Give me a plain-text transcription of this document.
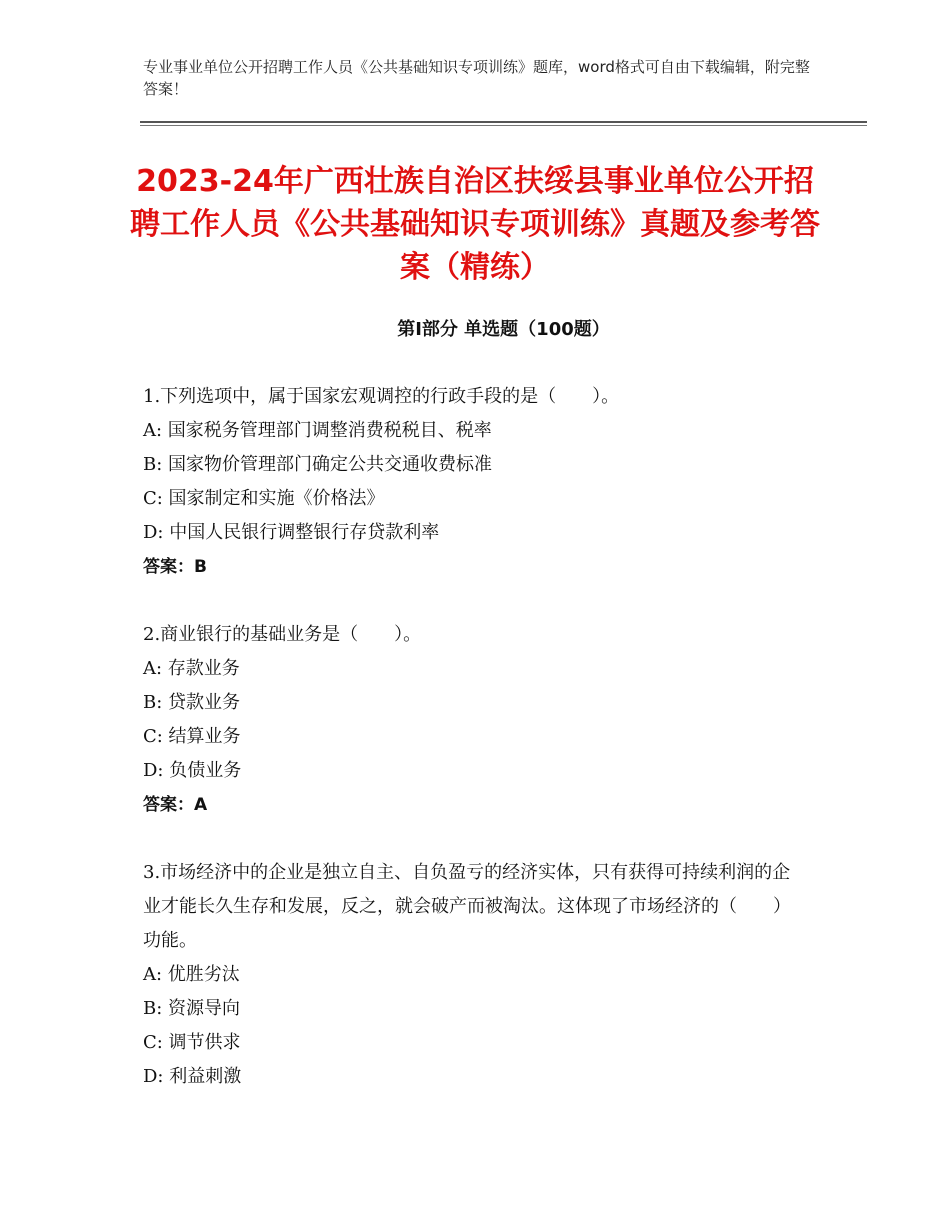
专业事业单位公开招聘工作人员《公共基础知识专项训练》题库，word格式可自由下载编辑，附完整答案！
2023-24年广西壮族自治区扶绥县事业单位公开招聘工作人员《公共基础知识专项训练》真题及参考答案（精练）
第Ⅰ部分 单选题（100题）
1.下列选项中，属于国家宏观调控的行政手段的是（　　）。
A: 国家税务管理部门调整消费税税目、税率
B: 国家物价管理部门确定公共交通收费标准
C: 国家制定和实施《价格法》
D: 中国人民银行调整银行存贷款利率
答案：B
2.商业银行的基础业务是（　　）。
A: 存款业务
B: 贷款业务
C: 结算业务
D: 负债业务
答案：A
3.市场经济中的企业是独立自主、自负盈亏的经济实体，只有获得可持续利润的企业才能长久生存和发展，反之，就会破产而被淘汰。这体现了市场经济的（　　）功能。
A: 优胜劣汰
B: 资源导向
C: 调节供求
D: 利益刺激
